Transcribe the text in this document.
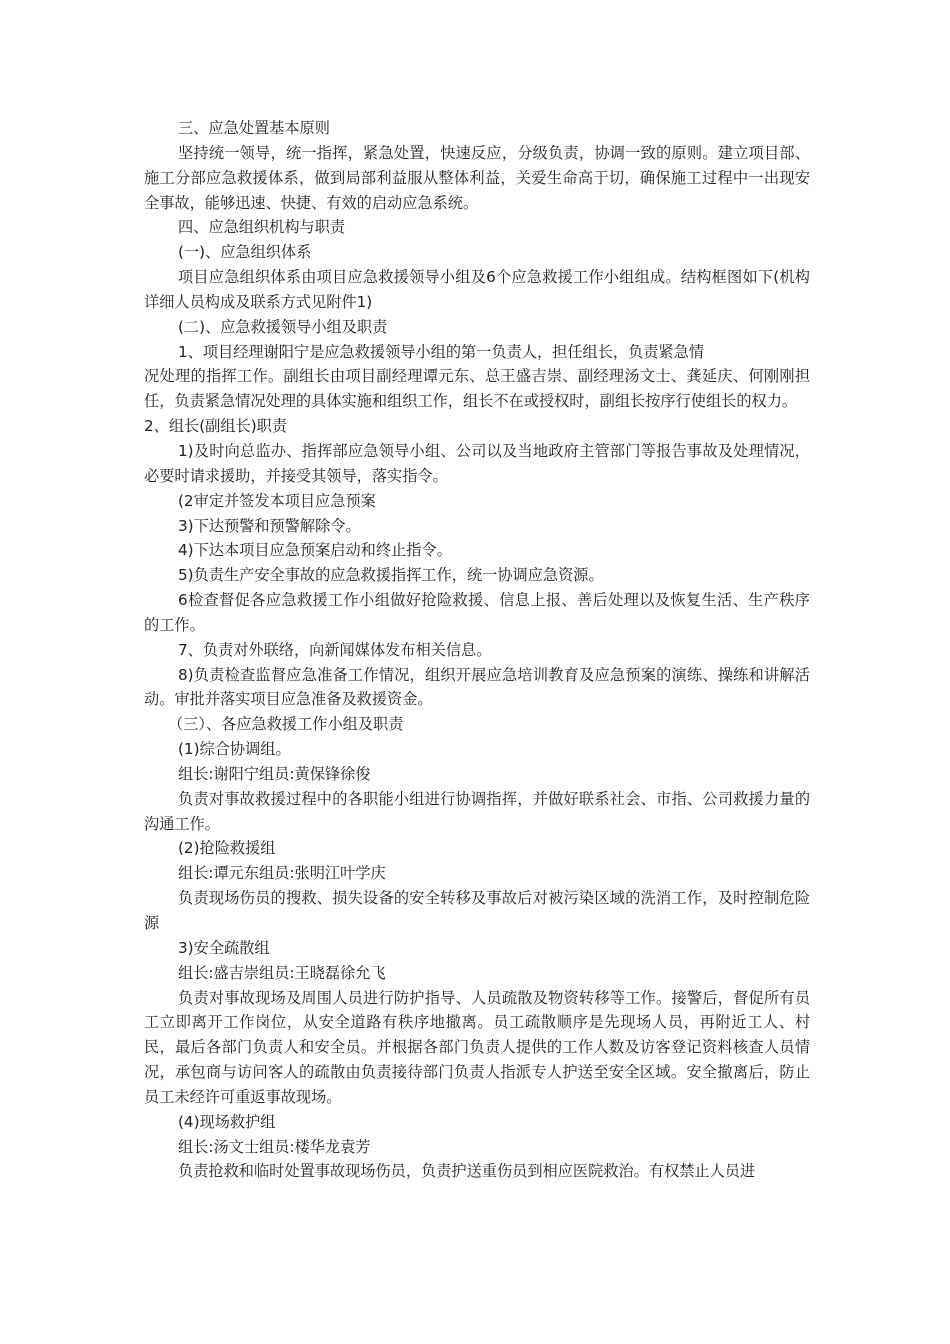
三、应急处置基本原则

坚持统一领导，统一指挥，紧急处置，快速反应，分级负责，协调一致的原则。建立项目部、施工分部应急救援体系，做到局部利益服从整体利益，关爱生命高于切，确保施工过程中一出现安全事故，能够迅速、快捷、有效的启动应急系统。

四、应急组织机构与职责

(一)、应急组织体系

项目应急组织体系由项目应急救援领导小组及6个应急救援工作小组组成。结构框图如下(机构详细人员构成及联系方式见附件1)

(二)、应急救援领导小组及职责

1、项目经理谢阳宁是应急救援领导小组的第一负责人，担任组长，负责紧急情

况处理的指挥工作。副组长由项目副经理谭元东、总王盛吉崇、副经理汤文士、龚延庆、何刚刚担任，负责紧急情况处理的具体实施和组织工作，组长不在或授权时，副组长按序行使组长的权力。

2、组长(副组长)职责

1)及时向总监办、指挥部应急领导小组、公司以及当地政府主管部门等报告事故及处理情况，必要时请求援助，并接受其领导，落实指令。

(2审定并签发本项目应急预案

3)下达预警和预警解除令。

4)下达本项目应急预案启动和终止指令。

5)负责生产安全事故的应急救援指挥工作，统一协调应急资源。

6检查督促各应急救援工作小组做好抢险救援、信息上报、善后处理以及恢复生活、生产秩序的工作。

7、负责对外联络，向新闻媒体发布相关信息。

8)负责检查监督应急准备工作情况，组织开展应急培训教育及应急预案的演练、操练和讲解活动。审批并落实项目应急准备及救援资金。

（三）、各应急救援工作小组及职责

(1)综合协调组。

组长:谢阳宁组员:黄保锋徐俊

负责对事故救援过程中的各职能小组进行协调指挥，并做好联系社会、市指、公司救援力量的沟通工作。

(2)抢险救援组

组长:谭元东组员:张明江叶学庆

负责现场伤员的搜救、损失设备的安全转移及事故后对被污染区域的洗消工作，及时控制危险源

3)安全疏散组

组长:盛吉崇组员:王晓磊徐允飞

负责对事故现场及周围人员进行防护指导、人员疏散及物资转移等工作。接警后，督促所有员工立即离开工作岗位，从安全道路有秩序地撤离。员工疏散顺序是先现场人员，再附近工人、村民，最后各部门负责人和安全员。并根据各部门负责人提供的工作人数及访客登记资料核查人员情况，承包商与访问客人的疏散由负责接待部门负责人指派专人护送至安全区域。安全撤离后，防止员工未经许可重返事故现场。

(4)现场救护组

组长:汤文士组员:楼华龙袁芳

负责抢救和临时处置事故现场伤员，负责护送重伤员到相应医院救治。有权禁止人员进
